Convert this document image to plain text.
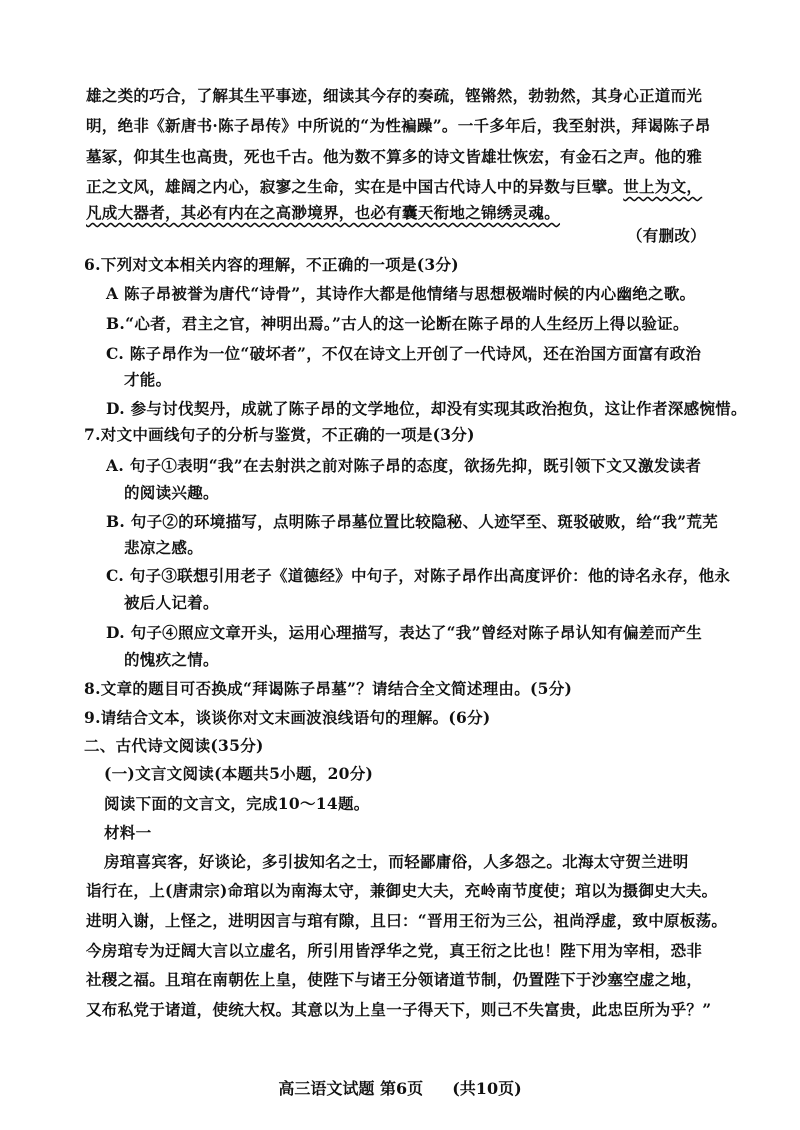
雄之类的巧合，了解其生平事迹，细读其今存的奏疏，铿锵然，勃勃然，其身心正道而光
明，绝非《新唐书·陈子昂传》中所说的“为性褊躁”。一千多年后，我至射洪，拜谒陈子昂
墓冢，仰其生也高贵，死也千古。他为数不算多的诗文皆雄壮恢宏，有金石之声。他的雅
正之文风，雄阔之内心，寂寥之生命，实在是中国古代诗人中的异数与巨擘。世上为文，
凡成大器者，其必有内在之高渺境界，也必有囊天衔地之锦绣灵魂。
（有删改）
6.下列对文本相关内容的理解，不正确的一项是(3分)
A 陈子昂被誉为唐代“诗骨”，其诗作大都是他情绪与思想极端时候的内心幽绝之歌。
B.“心者，君主之官，神明出焉。”古人的这一论断在陈子昂的人生经历上得以验证。
C. 陈子昂作为一位“破坏者”，不仅在诗文上开创了一代诗风，还在治国方面富有政治
才能。
D. 参与讨伐契丹，成就了陈子昂的文学地位，却没有实现其政治抱负，这让作者深感惋惜。
7.对文中画线句子的分析与鉴赏，不正确的一项是(3分)
A. 句子①表明“我”在去射洪之前对陈子昂的态度，欲扬先抑，既引领下文又激发读者
的阅读兴趣。
B. 句子②的环境描写，点明陈子昂墓位置比较隐秘、人迹罕至、斑驳破败，给“我”荒芜
悲凉之感。
C. 句子③联想引用老子《道德经》中句子，对陈子昂作出高度评价：他的诗名永存，他永
被后人记着。
D. 句子④照应文章开头，运用心理描写，表达了“我”曾经对陈子昂认知有偏差而产生
的愧疚之情。
8.文章的题目可否换成“拜谒陈子昂墓”？请结合全文简述理由。(5分)
9.请结合文本，谈谈你对文末画波浪线语句的理解。(6分)
二、古代诗文阅读(35分)
(一)文言文阅读(本题共5小题，20分)
阅读下面的文言文，完成10～14题。
材料一
房琯喜宾客，好谈论，多引拔知名之士，而轻鄙庸俗，人多怨之。北海太守贺兰进明
诣行在，上(唐肃宗)命琯以为南海太守，兼御史大夫，充岭南节度使；琯以为摄御史大夫。
进明入谢，上怪之，进明因言与琯有隙，且曰：“晋用王衍为三公，祖尚浮虚，致中原板荡。
今房琯专为迂阔大言以立虚名，所引用皆浮华之党，真王衍之比也！陛下用为宰相，恐非
社稷之福。且琯在南朝佐上皇，使陛下与诸王分领诸道节制，仍置陛下于沙塞空虚之地，
又布私党于诸道，使统大权。其意以为上皇一子得天下，则己不失富贵，此忠臣所为乎？”
高三语文试题 第6页 (共10页)
